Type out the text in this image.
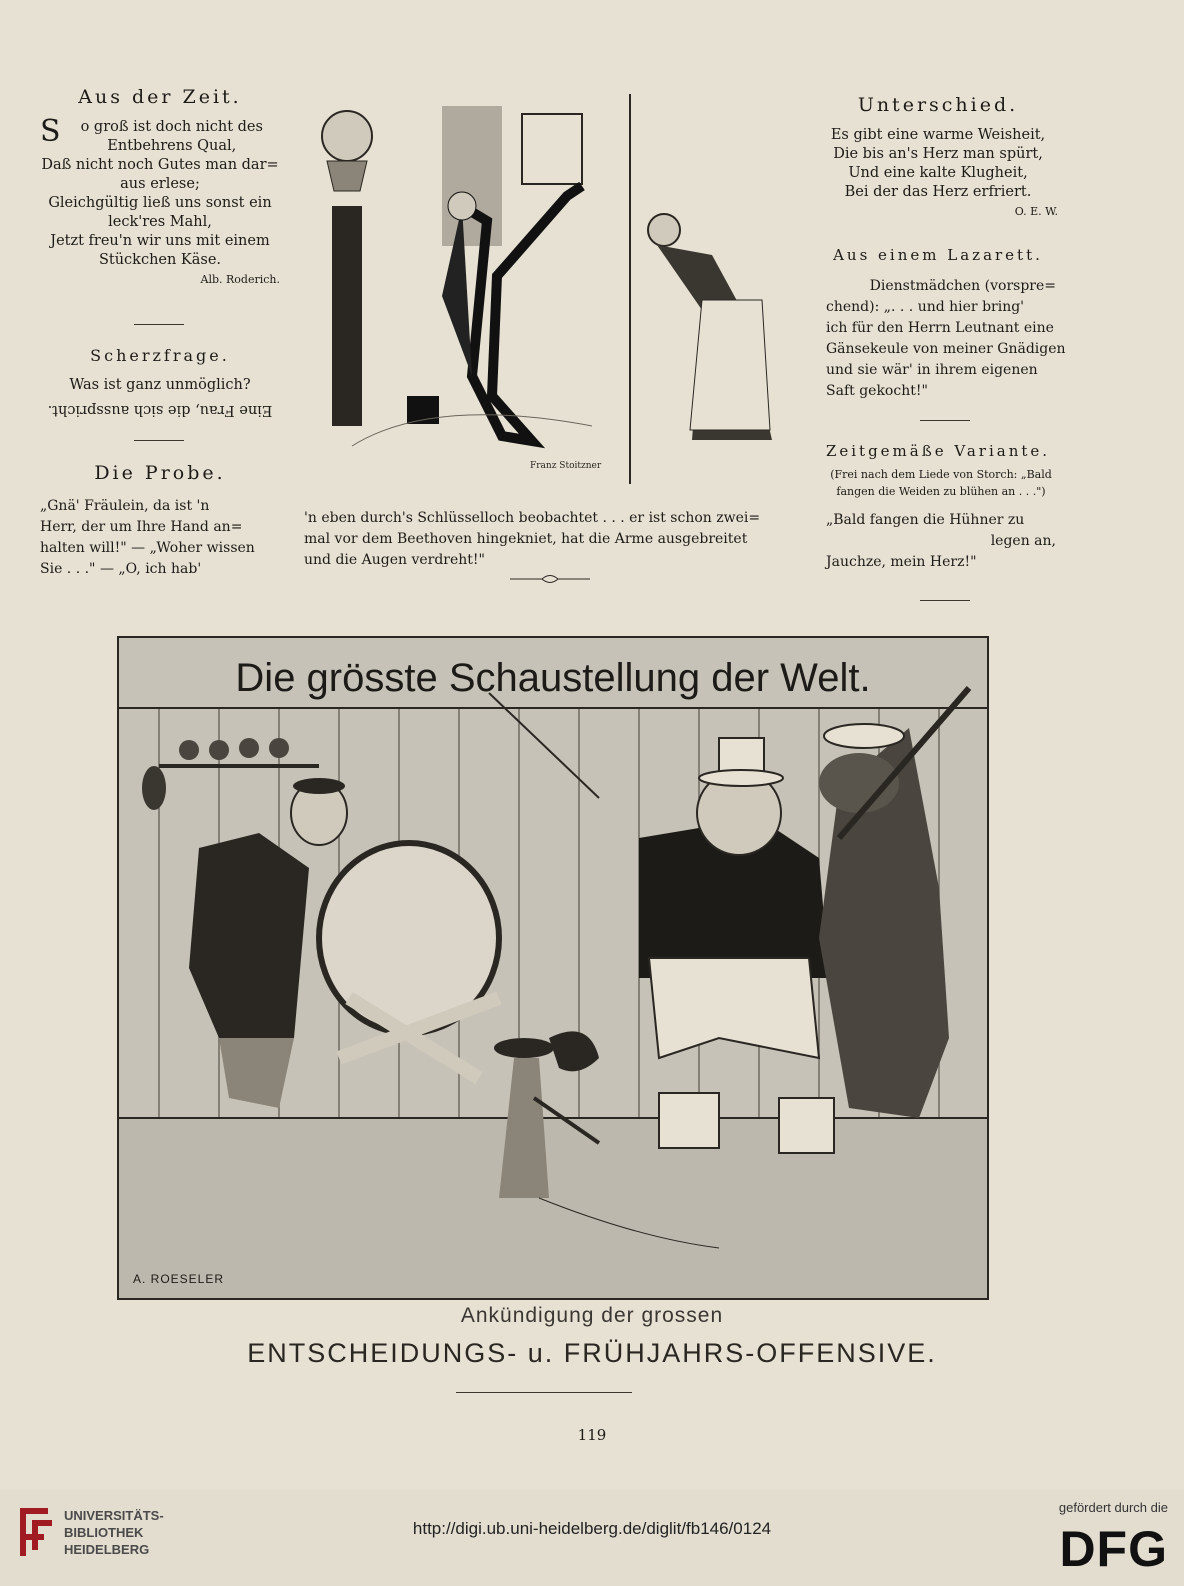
Aus der Zeit.
S	o groß ist doch nicht des
Entbehrens Qual,
Daß nicht noch Gutes man dar=
aus erlese;
Gleichgültig ließ uns sonst ein
leck'res Mahl,
Jetzt freu'n wir uns mit einem
Stückchen Käse.
Alb. Roderich.
Scherzfrage.
Was ist ganz unmöglich?
Eine Frau, die sich ausspricht.
Die Probe.
„Gnä' Fräulein, da ist 'n
Herr, der um Ihre Hand an=
halten will!" — „Woher wissen
Sie . . ." — „O, ich hab'
'n eben durch's Schlüsselloch beobachtet . . . er ist schon zwei=
mal vor dem Beethoven hingekniet, hat die Arme ausgebreitet
und die Augen verdreht!"
Franz Stoitzner
Unterschied.
Es gibt eine warme Weisheit,
Die bis an's Herz man spürt,
Und eine kalte Klugheit,
Bei der das Herz erfriert.
O. E. W.
Aus einem Lazarett.
Dienstmädchen (vorspre=
chend): „. . . und hier bring'
ich für den Herrn Leutnant eine
Gänsekeule von meiner Gnädigen
und sie wär' in ihrem eigenen
Saft gekocht!"
Zeitgemäße Variante.
(Frei nach dem Liede von Storch: „Bald
fangen die Weiden zu blühen an . . .")
„Bald fangen die Hühner zu
legen an,
Jauchze, mein Herz!"
Die grösste Schaustellung der Welt.
A. ROESELER
Ankündigung der grossen
ENTSCHEIDUNGS- u. FRÜHJAHRS-OFFENSIVE.
119
UNIVERSITÄTS-
BIBLIOTHEK
HEIDELBERG
http://digi.ub.uni-heidelberg.de/diglit/fb146/0124
gefördert durch die
DFG
